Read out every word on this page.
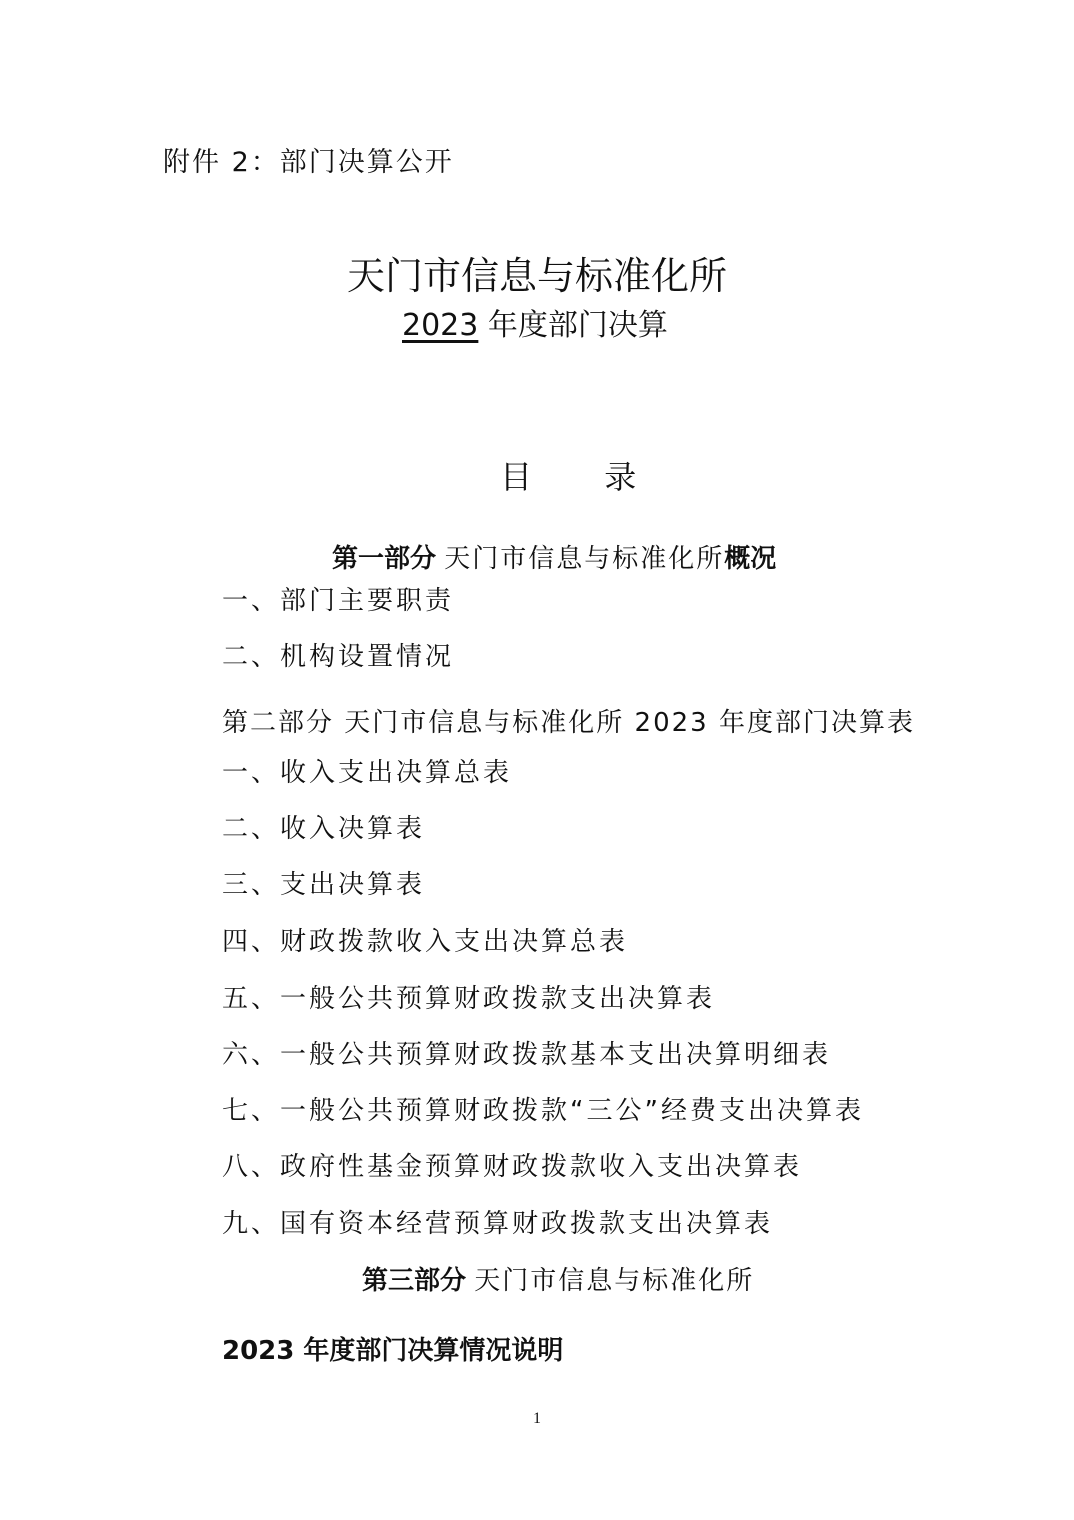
附件 2：部门决算公开
天门市信息与标准化所
2023 年度部门决算
目 录
第一部分 天门市信息与标准化所概况
一、部门主要职责
二、机构设置情况
第二部分 天门市信息与标准化所 2023 年度部门决算表
一、收入支出决算总表
二、收入决算表
三、支出决算表
四、财政拨款收入支出决算总表
五、一般公共预算财政拨款支出决算表
六、一般公共预算财政拨款基本支出决算明细表
七、一般公共预算财政拨款“三公”经费支出决算表
八、政府性基金预算财政拨款收入支出决算表
九、国有资本经营预算财政拨款支出决算表
第三部分 天门市信息与标准化所
2023 年度部门决算情况说明
1
